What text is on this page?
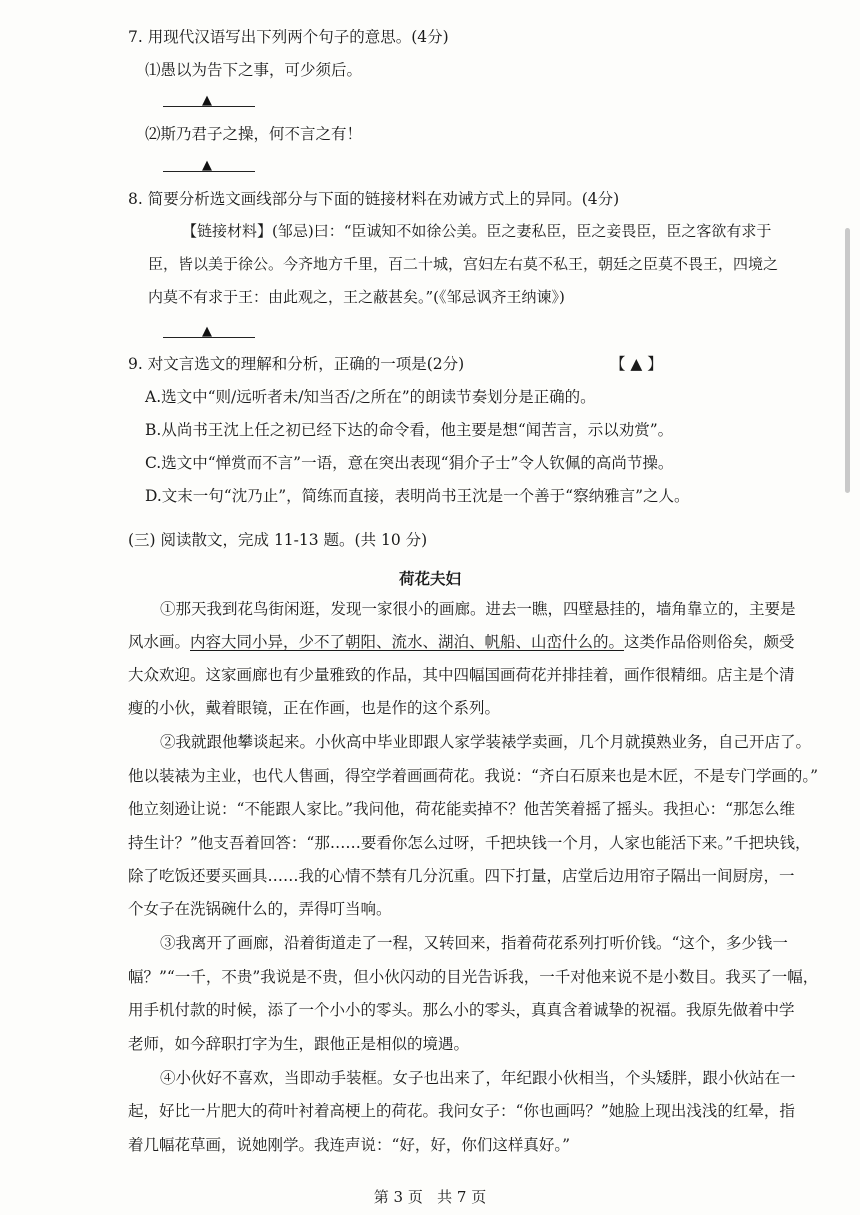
7. 用现代汉语写出下列两个句子的意思。(4分)
⑴愚以为告下之事，可少须后。
▲
⑵斯乃君子之操，何不言之有！
▲
8. 简要分析选文画线部分与下面的链接材料在劝诫方式上的异同。(4分)
【链接材料】(邹忌)曰：“臣诚知不如徐公美。臣之妻私臣，臣之妾畏臣，臣之客欲有求于
臣，皆以美于徐公。今齐地方千里，百二十城，宫妇左右莫不私王，朝廷之臣莫不畏王，四境之
内莫不有求于王：由此观之，王之蔽甚矣。”(《邹忌讽齐王纳谏》)
▲
9. 对文言选文的理解和分析，正确的一项是(2分)	【 ▲ 】
A.选文中“则/远听者未/知当否/之所在”的朗读节奏划分是正确的。
B.从尚书王沈上任之初已经下达的命令看，他主要是想“闻苦言，示以劝赏”。
C.选文中“惮赏而不言”一语，意在突出表现“狷介子士”令人钦佩的高尚节操。
D.文末一句“沈乃止”，简练而直接，表明尚书王沈是一个善于“察纳雅言”之人。
(三) 阅读散文，完成 11-13 题。(共 10 分)
荷花夫妇
①那天我到花鸟街闲逛，发现一家很小的画廊。进去一瞧，四壁悬挂的，墙角靠立的，主要是
风水画。内容大同小异，少不了朝阳、流水、湖泊、帆船、山峦什么的。这类作品俗则俗矣，颇受
大众欢迎。这家画廊也有少量雅致的作品，其中四幅国画荷花并排挂着，画作很精细。店主是个清
瘦的小伙，戴着眼镜，正在作画，也是作的这个系列。
②我就跟他攀谈起来。小伙高中毕业即跟人家学装裱学卖画，几个月就摸熟业务，自己开店了。
他以装裱为主业，也代人售画，得空学着画画荷花。我说：“齐白石原来也是木匠，不是专门学画的。”
他立刻逊让说：“不能跟人家比。”我问他，荷花能卖掉不？他苦笑着摇了摇头。我担心：“那怎么维
持生计？”他支吾着回答：“那……要看你怎么过呀，千把块钱一个月，人家也能活下来。”千把块钱，
除了吃饭还要买画具……我的心情不禁有几分沉重。四下打量，店堂后边用帘子隔出一间厨房，一
个女子在洗锅碗什么的，弄得叮当响。
③我离开了画廊，沿着街道走了一程，又转回来，指着荷花系列打听价钱。“这个，多少钱一
幅？”“一千，不贵”我说是不贵，但小伙闪动的目光告诉我，一千对他来说不是小数目。我买了一幅，
用手机付款的时候，添了一个小小的零头。那么小的零头，真真含着诚挚的祝福。我原先做着中学
老师，如今辞职打字为生，跟他正是相似的境遇。
④小伙好不喜欢，当即动手装框。女子也出来了，年纪跟小伙相当，个头矮胖，跟小伙站在一
起，好比一片肥大的荷叶衬着高梗上的荷花。我问女子：“你也画吗？”她脸上现出浅浅的红晕，指
着几幅花草画，说她刚学。我连声说：“好，好，你们这样真好。”
第 3 页 共 7 页
